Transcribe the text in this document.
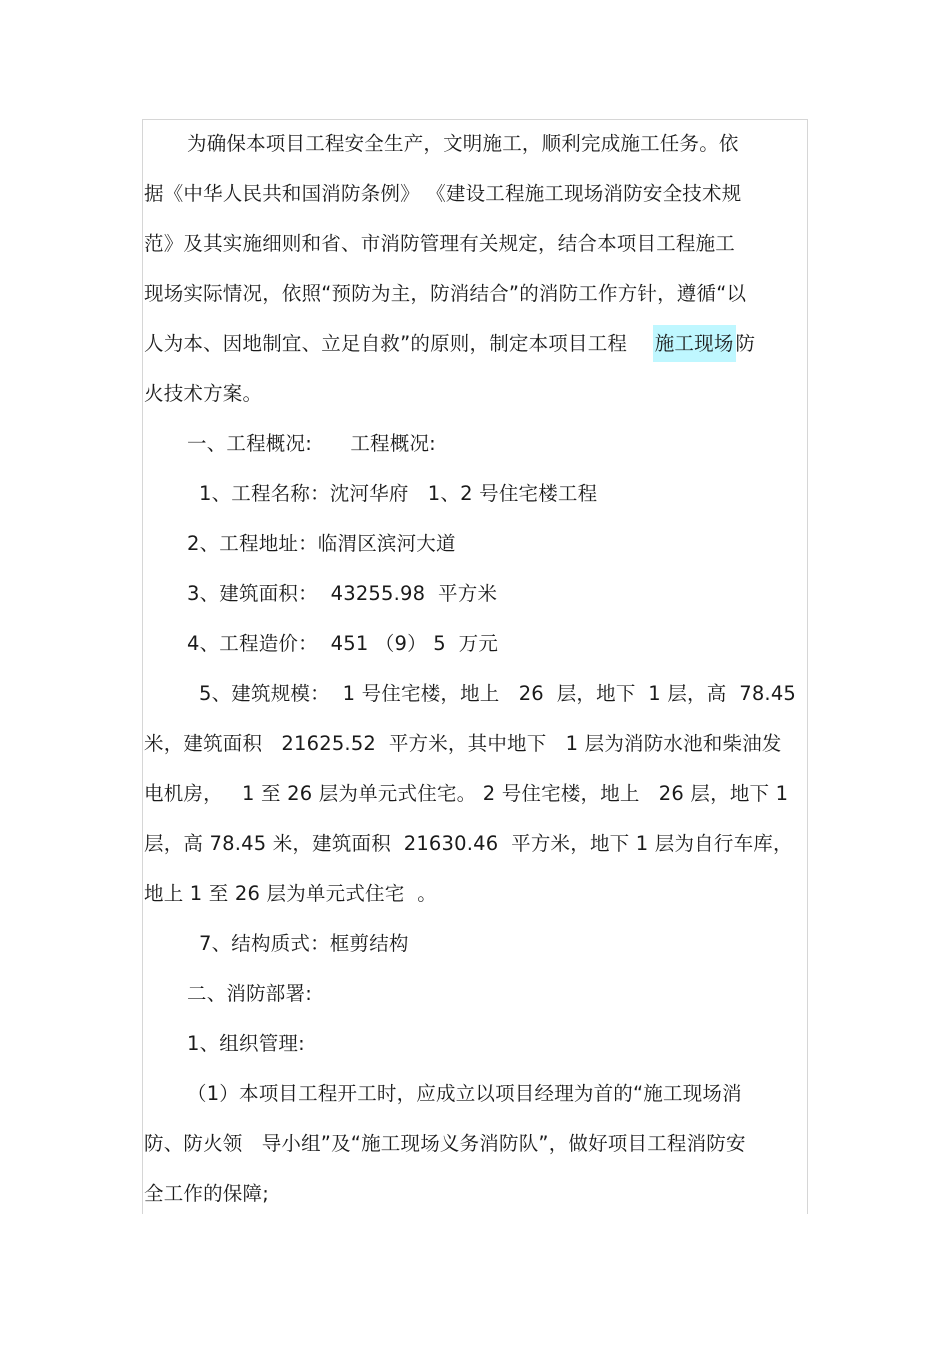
为确保本项目工程安全生产，文明施工，顺利完成施工任务。依
据《中华人民共和国消防条例》 《建设工程施工现场消防安全技术规
范》及其实施细则和省、市消防管理有关规定，结合本项目工程施工
现场实际情况，依照“预防为主，防消结合”的消防工作方针，遵循“以
人为本、因地制宜、立足自救”的原则，制定本项目工程 施工现场 防
火技术方案。
一、工程概况:      工程概况:
1、工程名称：沈河华府   1、2 号住宅楼工程
2、工程地址：临渭区滨河大道
3、建筑面积：  43255.98  平方米
4、工程造价：  451 （9） 5  万元
5、建筑规模：  1 号住宅楼，地上   26  层，地下  1 层，高  78.45
米，建筑面积   21625.52  平方米，其中地下   1 层为消防水池和柴油发
电机房，   1 至 26 层为单元式住宅。 2 号住宅楼，地上   26 层，地下 1
层，高 78.45 米，建筑面积  21630.46  平方米，地下 1 层为自行车库，
地上 1 至 26 层为单元式住宅  。
7、结构质式：框剪结构
二、消防部署:
1、组织管理:
（1）本项目工程开工时，应成立以项目经理为首的“施工现场消
防、防火领   导小组”及“施工现场义务消防队”，做好项目工程消防安
全工作的保障;
